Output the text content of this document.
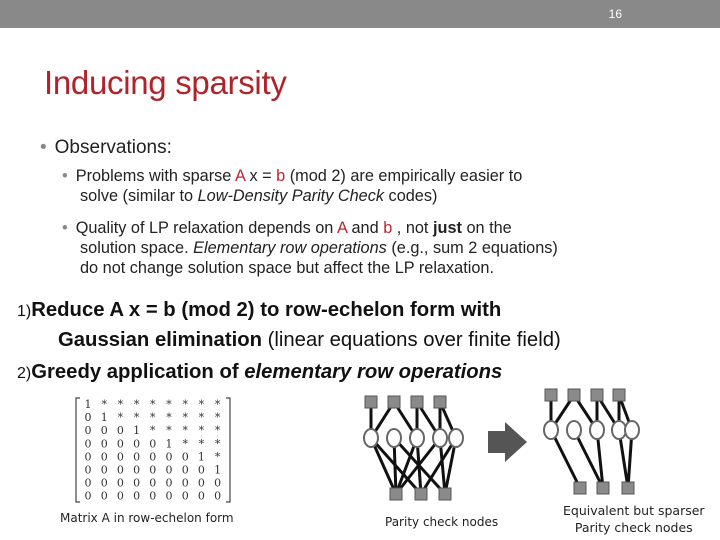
16
Inducing sparsity
• Observations:
• Problems with sparse A x = b (mod 2) are empirically easier to
solve (similar to Low-Density Parity Check codes)
• Quality of LP relaxation depends on A and b , not just on the
solution space. Elementary row operations (e.g., sum 2 equations)
do not change solution space but affect the LP relaxation.
1)Reduce A x = b (mod 2) to row-echelon form with
Gaussian elimination (linear equations over finite field)
2)Greedy application of elementary row operations
1 * * * * * * * *
0 1 * * * * * * *
0 0 0 1 * * * * *
0 0 0 0 0 1 * * *
0 0 0 0 0 0 0 1 *
0 0 0 0 0 0 0 0 1
0 0 0 0 0 0 0 0 0
0 0 0 0 0 0 0 0 0
Matrix A in row-echelon form	Parity check nodes
Equivalent but sparser
Parity check nodes
